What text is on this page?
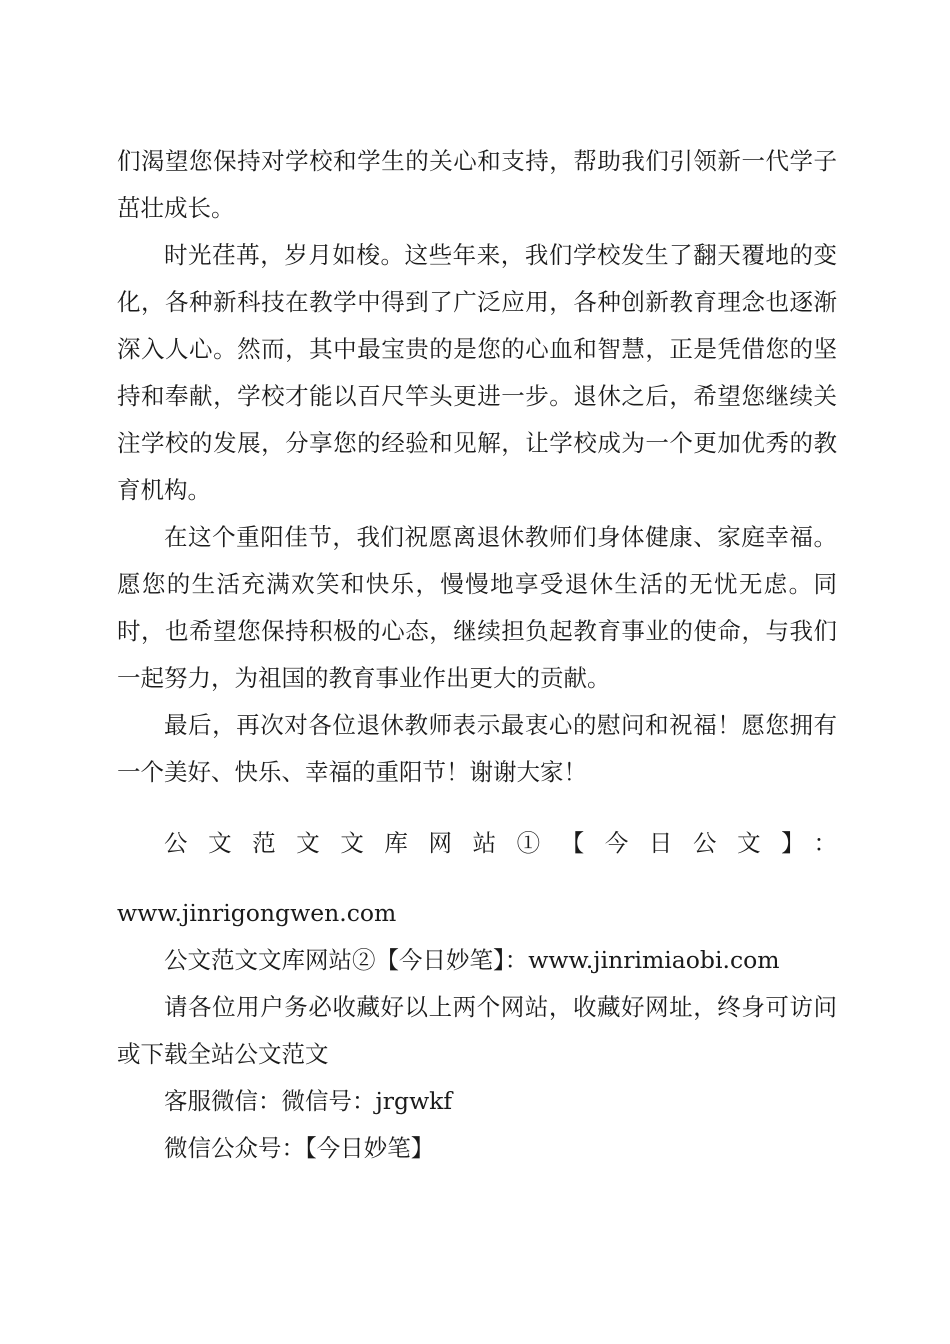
们渴望您保持对学校和学生的关心和支持，帮助我们引领新一代学子茁壮成长。

时光荏苒，岁月如梭。这些年来，我们学校发生了翻天覆地的变化，各种新科技在教学中得到了广泛应用，各种创新教育理念也逐渐深入人心。然而，其中最宝贵的是您的心血和智慧，正是凭借您的坚持和奉献，学校才能以百尺竿头更进一步。退休之后，希望您继续关注学校的发展，分享您的经验和见解，让学校成为一个更加优秀的教育机构。

在这个重阳佳节，我们祝愿离退休教师们身体健康、家庭幸福。愿您的生活充满欢笑和快乐，慢慢地享受退休生活的无忧无虑。同时，也希望您保持积极的心态，继续担负起教育事业的使命，与我们一起努力，为祖国的教育事业作出更大的贡献。

最后，再次对各位退休教师表示最衷心的慰问和祝福！愿您拥有一个美好、快乐、幸福的重阳节！谢谢大家！

公文范文文库网站①【今日公文】：

www.jinrigongwen.com

公文范文文库网站②【今日妙笔】：www.jinrimiaobi.com

请各位用户务必收藏好以上两个网站，收藏好网址，终身可访问或下载全站公文范文

客服微信：微信号：jrgwkf

微信公众号：【今日妙笔】
